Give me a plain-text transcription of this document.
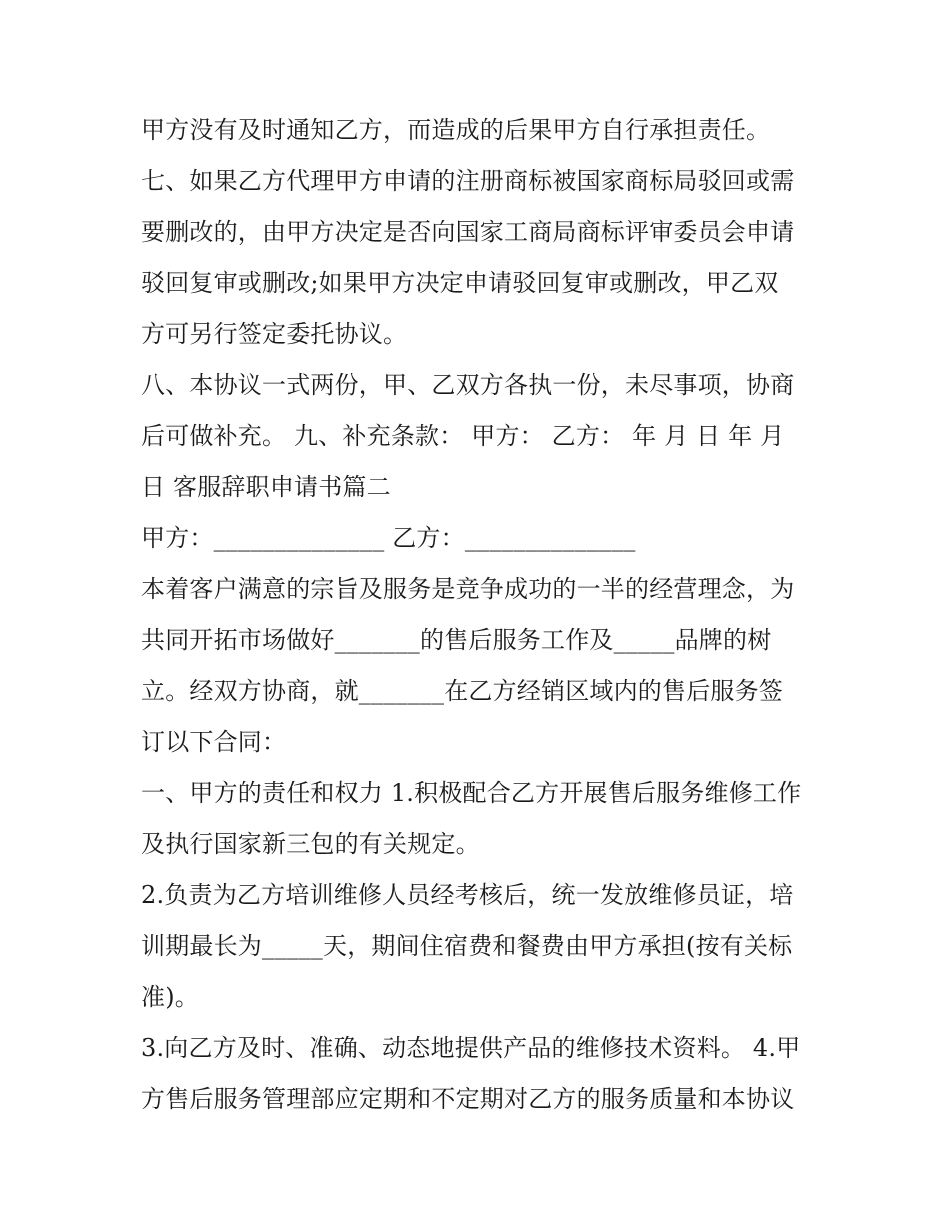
甲方没有及时通知乙方，而造成的后果甲方自行承担责任。
七、如果乙方代理甲方申请的注册商标被国家商标局驳回或需
要删改的，由甲方决定是否向国家工商局商标评审委员会申请
驳回复审或删改;如果甲方决定申请驳回复审或删改，甲乙双
方可另行签定委托协议。
八、本协议一式两份，甲、乙双方各执一份，未尽事项，协商
后可做补充。 九、补充条款： 甲方： 乙方： 年 月 日 年 月
日 客服辞职申请书篇二
甲方：______________ 乙方：______________
本着客户满意的宗旨及服务是竞争成功的一半的经营理念，为
共同开拓市场做好_______的售后服务工作及_____品牌的树
立。经双方协商，就_______在乙方经销区域内的售后服务签
订以下合同：
一、甲方的责任和权力 1.积极配合乙方开展售后服务维修工作
及执行国家新三包的有关规定。
2.负责为乙方培训维修人员经考核后，统一发放维修员证，培
训期最长为_____天，期间住宿费和餐费由甲方承担(按有关标
准)。
3.向乙方及时、准确、动态地提供产品的维修技术资料。 4.甲
方售后服务管理部应定期和不定期对乙方的服务质量和本协议
